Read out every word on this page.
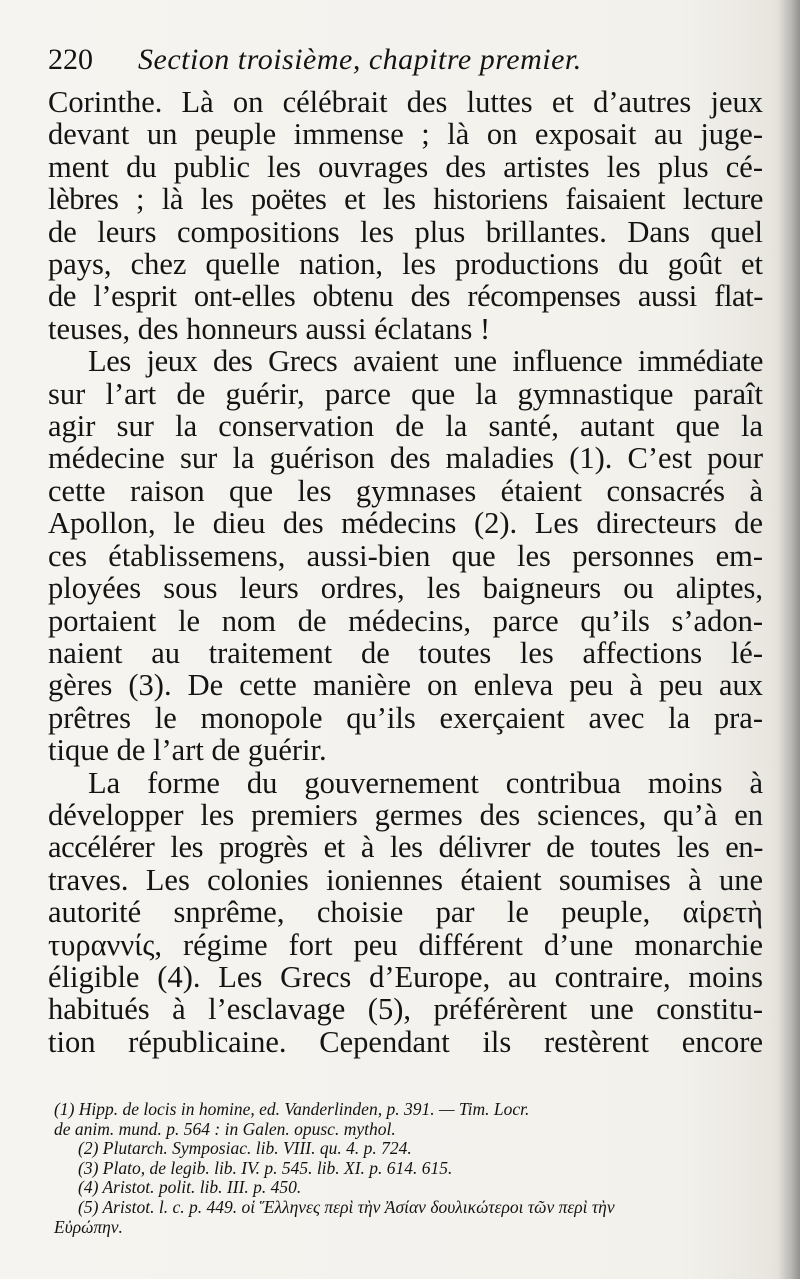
220	Section troisième, chapitre premier.
Corinthe. Là on célébrait des luttes et d’autres jeux
devant un peuple immense ; là on exposait au juge-
ment du public les ouvrages des artistes les plus cé-
lèbres ; là les poëtes et les historiens faisaient lecture
de leurs compositions les plus brillantes. Dans quel
pays, chez quelle nation, les productions du goût et
de l’esprit ont-elles obtenu des récompenses aussi flat-
teuses, des honneurs aussi éclatans !
Les jeux des Grecs avaient une influence immédiate
sur l’art de guérir, parce que la gymnastique paraît
agir sur la conservation de la santé, autant que la
médecine sur la guérison des maladies (1). C’est pour
cette raison que les gymnases étaient consacrés à
Apollon, le dieu des médecins (2). Les directeurs de
ces établissemens, aussi-bien que les personnes em-
ployées sous leurs ordres, les baigneurs ou aliptes,
portaient le nom de médecins, parce qu’ils s’adon-
naient au traitement de toutes les affections lé-
gères (3). De cette manière on enleva peu à peu aux
prêtres le monopole qu’ils exerçaient avec la pra-
tique de l’art de guérir.
La forme du gouvernement contribua moins à
développer les premiers germes des sciences, qu’à en
accélérer les progrès et à les délivrer de toutes les en-
traves. Les colonies ioniennes étaient soumises à une
autorité snprême, choisie par le peuple, αἱρετὴ
τυραννίς, régime fort peu différent d’une monarchie
éligible (4). Les Grecs d’Europe, au contraire, moins
habitués à l’esclavage (5), préférèrent une constitu-
tion républicaine. Cependant ils restèrent encore
(1) Hipp. de locis in homine, ed. Vanderlinden, p. 391. — Tim. Locr.
de anim. mund. p. 564 : in Galen. opusc. mythol.
(2) Plutarch. Symposiac. lib. VIII. qu. 4. p. 724.
(3) Plato, de legib. lib. IV. p. 545. lib. XI. p. 614. 615.
(4) Aristot. polit. lib. III. p. 450.
(5) Aristot. l. c. p. 449. οἱ Ἕλληνες περὶ τὴν Ἀσίαν δουλικώτεροι τῶν περὶ τὴν
Εὐρώπην.
